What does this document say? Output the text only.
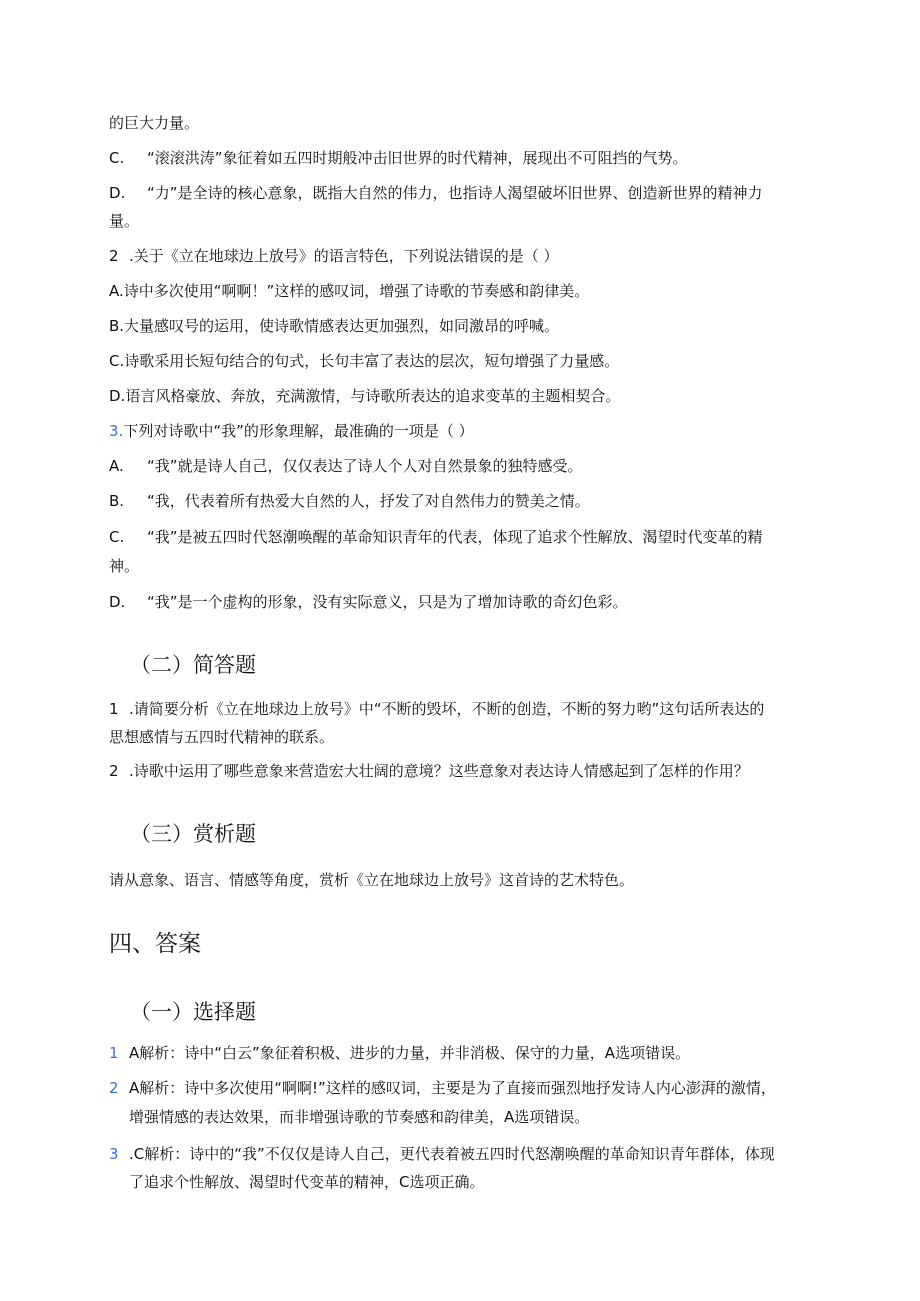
的巨大力量。
C. “滚滚洪涛”象征着如五四时期般冲击旧世界的时代精神，展现出不可阻挡的气势。
D. “力”是全诗的核心意象，既指大自然的伟力，也指诗人渴望破坏旧世界、创造新世界的精神力
量。
2 .关于《立在地球边上放号》的语言特色，下列说法错误的是（ ）
A.诗中多次使用“啊啊！”这样的感叹词，增强了诗歌的节奏感和韵律美。
B.大量感叹号的运用，使诗歌情感表达更加强烈，如同激昂的呼喊。
C.诗歌采用长短句结合的句式，长句丰富了表达的层次，短句增强了力量感。
D.语言风格豪放、奔放，充满激情，与诗歌所表达的追求变革的主题相契合。
3.下列对诗歌中“我”的形象理解，最准确的一项是（ ）
A. “我”就是诗人自己，仅仅表达了诗人个人对自然景象的独特感受。
B. “我，代表着所有热爱大自然的人，抒发了对自然伟力的赞美之情。
C. “我”是被五四时代怒潮唤醒的革命知识青年的代表，体现了追求个性解放、渴望时代变革的精
神。
D. “我”是一个虚构的形象，没有实际意义，只是为了增加诗歌的奇幻色彩。
（二）简答题
1 .请简要分析《立在地球边上放号》中“不断的毁坏，不断的创造，不断的努力哟”这句话所表达的
思想感情与五四时代精神的联系。
2 .诗歌中运用了哪些意象来营造宏大壮阔的意境？这些意象对表达诗人情感起到了怎样的作用？
（三）赏析题
请从意象、语言、情感等角度，赏析《立在地球边上放号》这首诗的艺术特色。
四、答案
（一）选择题
1 A解析：诗中“白云”象征着积极、进步的力量，并非消极、保守的力量，A选项错误。
2 A解析：诗中多次使用“啊啊!”这样的感叹词，主要是为了直接而强烈地抒发诗人内心澎湃的激情，
增强情感的表达效果，而非增强诗歌的节奏感和韵律美，A选项错误。
3 .C解析：诗中的“我”不仅仅是诗人自己，更代表着被五四时代怒潮唤醒的革命知识青年群体，体现
了追求个性解放、渴望时代变革的精神，C选项正确。
